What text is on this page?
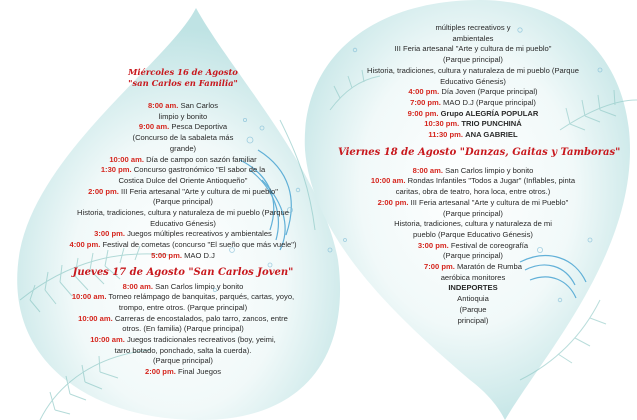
Miércoles 16 de Agosto

"san Carlos en Familia"

8:00 am. San Carlos

limpio y bonito

9:00 am. Pesca Deportiva

(Concurso de la sabaleta más

grande)

10:00 am. Día de campo con sazón familiar

1:30 pm. Concurso gastronómico "El sabor de la

Costica Dulce del Oriente Antioqueño"

2:00 pm. III Feria artesanal "Arte y cultura de mi pueblo"

(Parque principal)

Historia, tradiciones, cultura y naturaleza de mi pueblo (Parque

Educativo Génesis)

3:00 pm. Juegos múltiples recreativos y ambientales

4:00 pm. Festival de cometas (concurso "El sueño que más vuele")

5:00 pm. MAO D.J

Jueves 17 de Agosto "San Carlos Joven"

8:00 am. San Carlos limpio y bonito

10:00 am. Torneo relámpago de banquitas, parqués, cartas, yoyo,

trompo, entre otros. (Parque principal)

10:00 am. Carreras de encostalados, palo tarro, zancos, entre

otros. (En familia) (Parque principal)

10:00 am. Juegos tradicionales recreativos (boy, yeimi,

tarro botado, ponchado, salta la cuerda).

(Parque principal)

2:00 pm. Final Juegos

múltiples recreativos y

ambientales

III Feria artesanal "Arte y cultura de mi pueblo"

(Parque principal)

Historia, tradiciones, cultura y naturaleza de mi pueblo (Parque

Educativo Génesis)

4:00 pm. Día Joven (Parque principal)

7:00 pm. MAO D.J (Parque principal)

9:00 pm. Grupo ALEGRÍA POPULAR

10:30 pm. TRIO PUNCHINÁ

11:30 pm. ANA GABRIEL

Viernes 18 de Agosto "Danzas, Gaitas y Tamboras"

8:00 am. San Carlos limpio y bonito

10:00 am. Rondas Infantiles "Todos a Jugar" (Inflables, pinta

caritas, obra de teatro, hora loca, entre otros.)

2:00 pm. III Feria artesanal "Arte y cultura de mi Pueblo"

(Parque principal)

Historia, tradiciones, cultura y naturaleza de mi

pueblo (Parque Educativo Génesis)

3:00 pm. Festival de coreografía

(Parque principal)

7:00 pm. Maratón de Rumba

aeróbica monitores

INDEPORTES

Antioquia

(Parque

principal)
